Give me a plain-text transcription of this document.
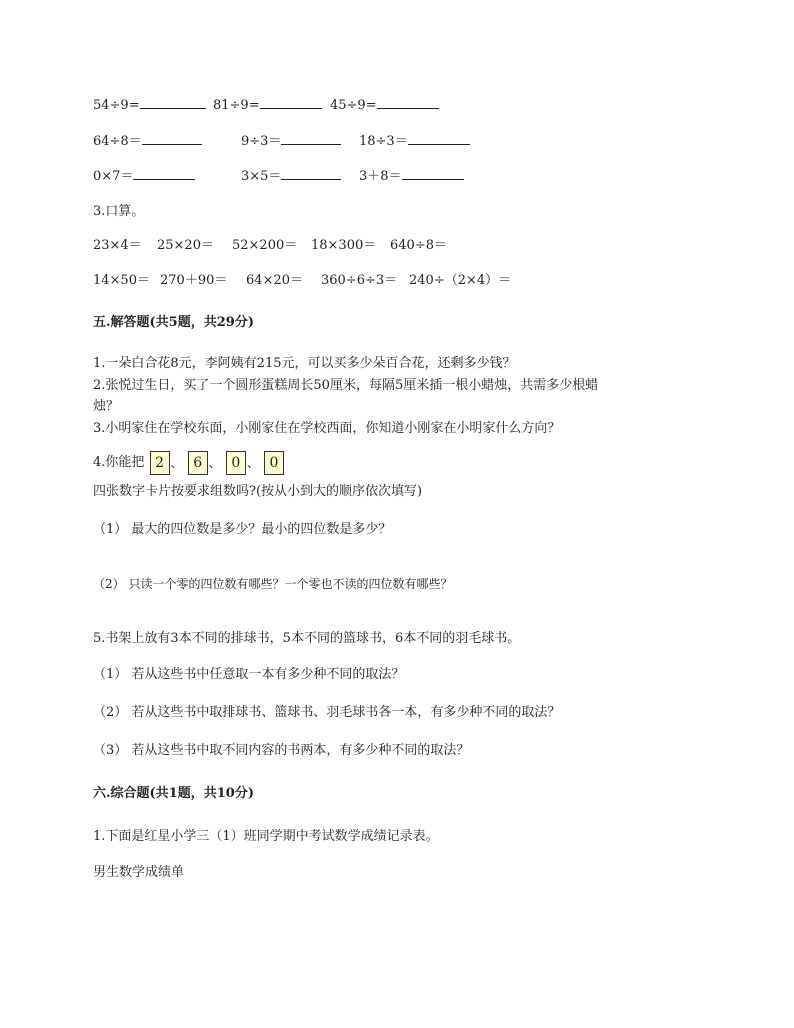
54÷9=	81÷9=	45÷9=
64÷8＝	9÷3＝	18÷3＝
0×7＝	3×5＝	3＋8＝
3.口算。
23×4＝ 25×20＝ 52×200＝ 18×300＝ 640÷8＝
14×50＝ 270＋90＝ 64×20＝ 360÷6÷3＝ 240÷（2×4）＝
五.解答题(共5题，共29分)
1.一朵白合花8元，李阿姨有215元，可以买多少朵百合花，还剩多少钱？
2.张悦过生日，买了一个圆形蛋糕周长50厘米，每隔5厘米插一根小蜡烛，共需多少根蜡
烛？
3.小明家住在学校东面，小刚家住在学校西面，你知道小刚家在小明家什么方向？
4.你能把 2 、 6 、 0 、 0
四张数字卡片按要求组数吗?(按从小到大的顺序依次填写)
（1） 最大的四位数是多少？最小的四位数是多少？
（2） 只读一个零的四位数有哪些？一个零也不读的四位数有哪些？
5.书架上放有3本不同的排球书，5本不同的篮球书，6本不同的羽毛球书。
（1） 若从这些书中任意取一本有多少种不同的取法？
（2） 若从这些书中取排球书、篮球书、羽毛球书各一本，有多少种不同的取法？
（3） 若从这些书中取不同内容的书两本，有多少种不同的取法？
六.综合题(共1题，共10分)
1.下面是红星小学三（1）班同学期中考试数学成绩记录表。
男生数学成绩单
